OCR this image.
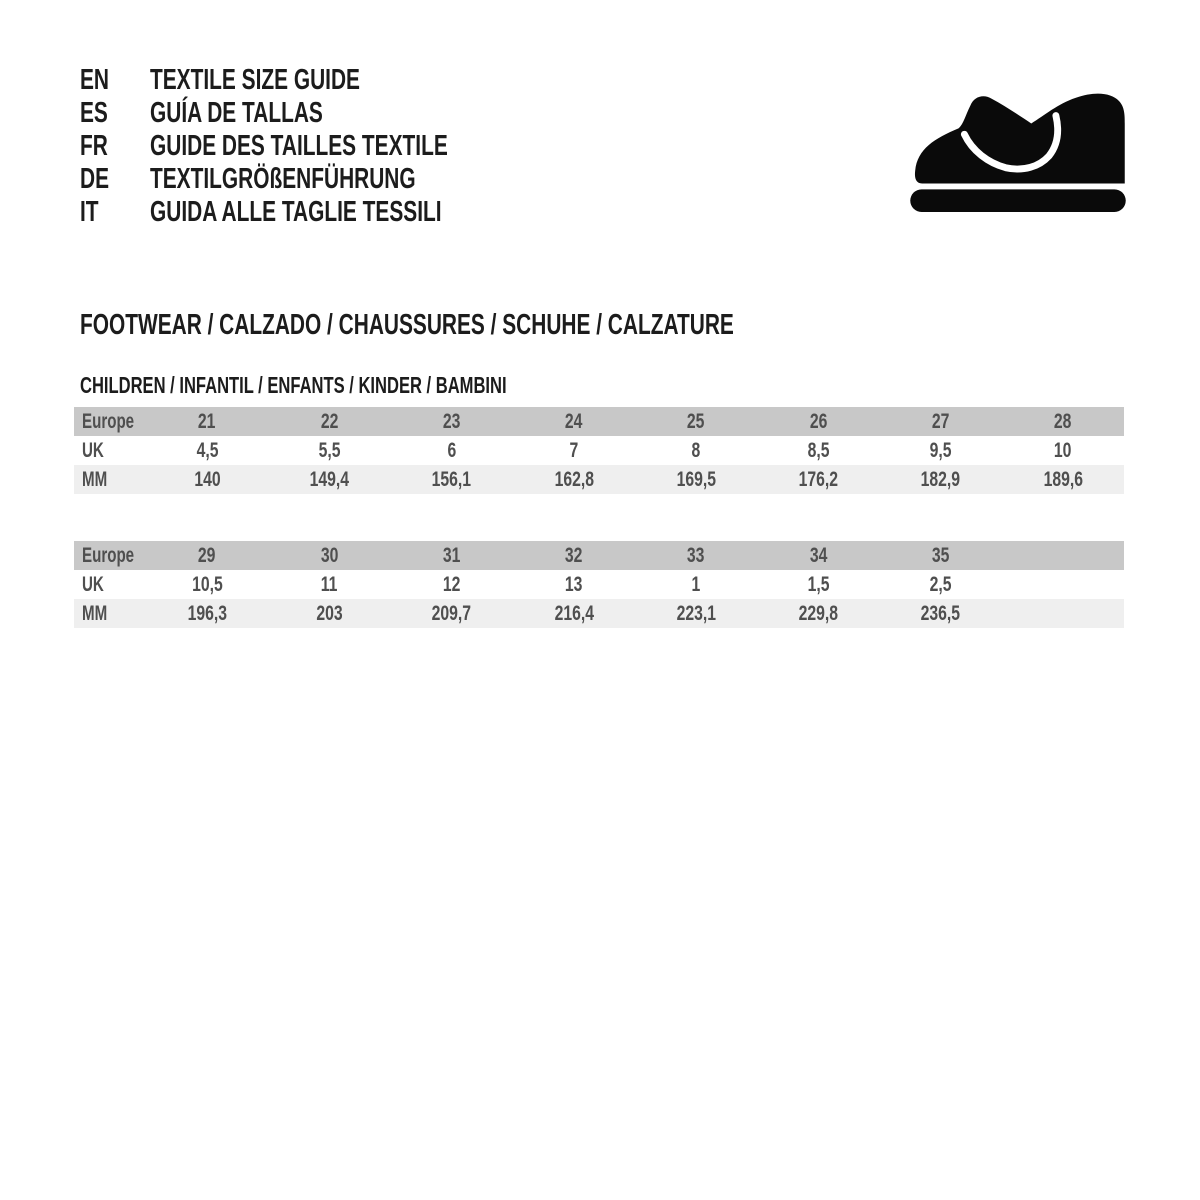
EN	TEXTILE SIZE GUIDE
ES	GUÍA DE TALLAS
FR	GUIDE DES TAILLES TEXTILE
DE	TEXTILGRÖßENFÜHRUNG
IT GUIDA ALLE TAGLIE TESSILI
FOOTWEAR / CALZADO / CHAUSSURES / SCHUHE / CALZATURE
CHILDREN / INFANTIL / ENFANTS / KINDER / BAMBINI
Europe	21	22	23	24	25	26	27	28
UK	4,5	5,5	6	7	8	8,5	9,5	10
MM	140	149,4	156,1	162,8	169,5	176,2	182,9	189,6
Europe	29	30	31	32	33	34	35
UK	10,5	11	12	13	1	1,5	2,5
MM	196,3	203	209,7	216,4	223,1	229,8	236,5
